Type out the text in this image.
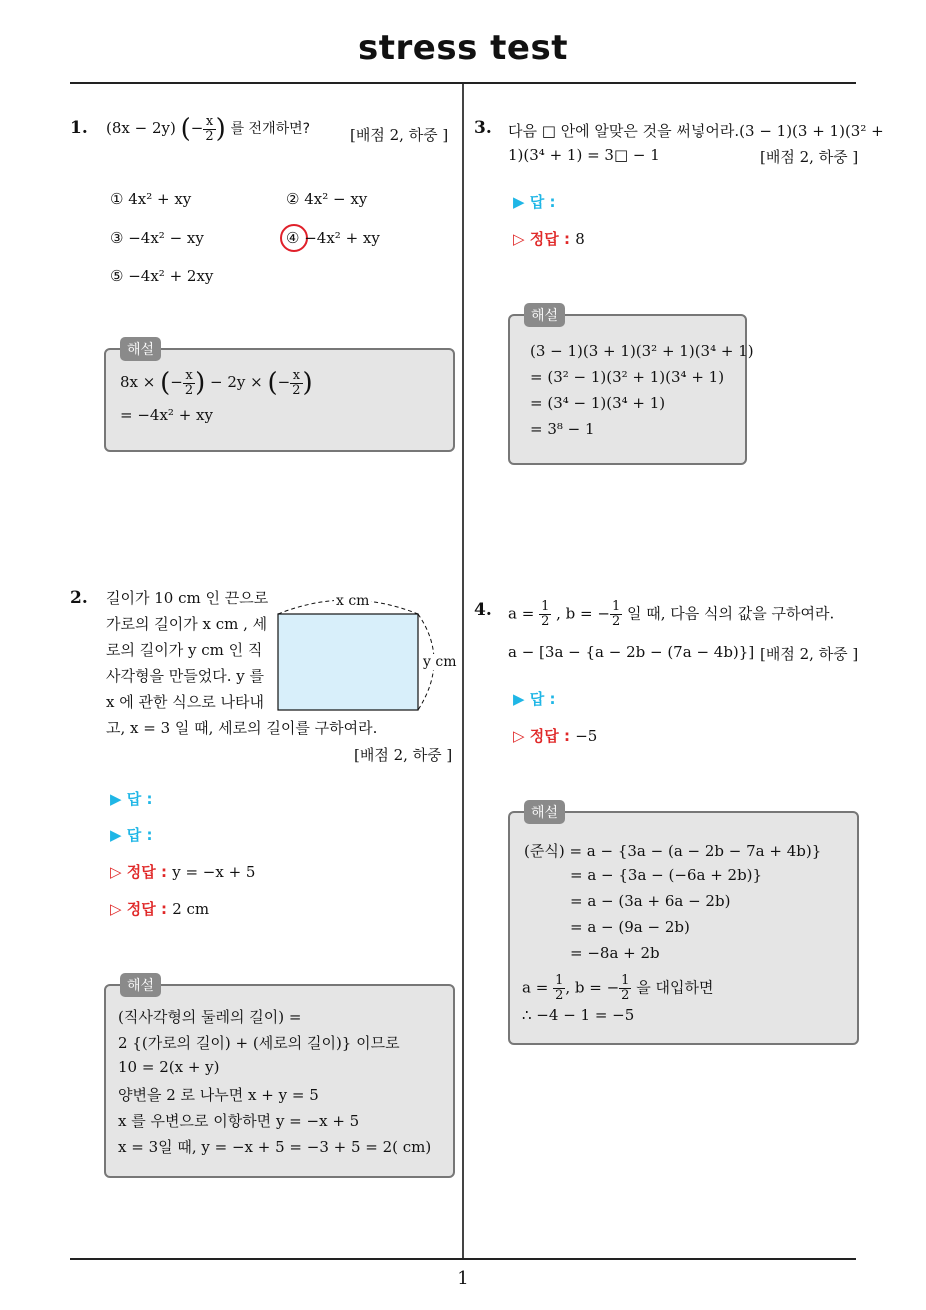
stress test
1
1. (8x − 2y) (− $\frac{x}{2}$ ) 를 전개하면?	[배점 2, 하중 ]
① 4x² + xy	② 4x² − xy
③ −4x² − xy	④ −4x² + xy
⑤ −4x² + 2xy
해설
8x × (− $\frac{x}{2}$ ) − 2y × (− $\frac{x}{2}$ )
= −4x² + xy
2. 길이가 10 cm 인 끈으로
가로의 길이가 x cm , 세
로의 길이가 y cm 인 직
사각형을 만들었다. y 를
x 에 관한 식으로 나타내
고, x = 3 일 때, 세로의 길이를 구하여라.
[배점 2, 하중 ]
x cm
y cm
▶ 답 :
▶ 답 :
▷ 정답 : y = −x + 5
▷ 정답 : 2 cm
해설
(직사각형의 둘레의 길이) =
2 {(가로의 길이) + (세로의 길이)} 이므로
10 = 2(x + y)
양변을 2 로 나누면 x + y = 5
x 를 우변으로 이항하면 y = −x + 5
x = 3일 때, y = −x + 5 = −3 + 5 = 2( cm)
3. 다음 □ 안에 알맞은 것을 써넣어라.(3 − 1)(3 + 1)(3² +
1)(3⁴ + 1) = 3□ − 1	[배점 2, 하중 ]
▶ 답 :
▷ 정답 : 8
해설
(3 − 1)(3 + 1)(3² + 1)(3⁴ + 1)
= (3² − 1)(3² + 1)(3⁴ + 1)
= (3⁴ − 1)(3⁴ + 1)
= 3⁸ − 1
4. $a = \frac{1}{2}$ , b = − $\frac{1}{2}$ 일 때, 다음 식의 값을 구하여라.
a − [3a − {a − 2b − (7a − 4b)}] [배점 2, 하중 ]
▶ 답 :
▷ 정답 : −5
해설
(준식) = a − {3a − (a − 2b − 7a + 4b)}
= a − {3a − (−6a + 2b)}
= a − (3a + 6a − 2b)
= a − (9a − 2b)
= −8a + 2b
$a = \frac{1}{2}$ , b = − $\frac{1}{2}$ 을 대입하면
∴ −4 − 1 = −5
